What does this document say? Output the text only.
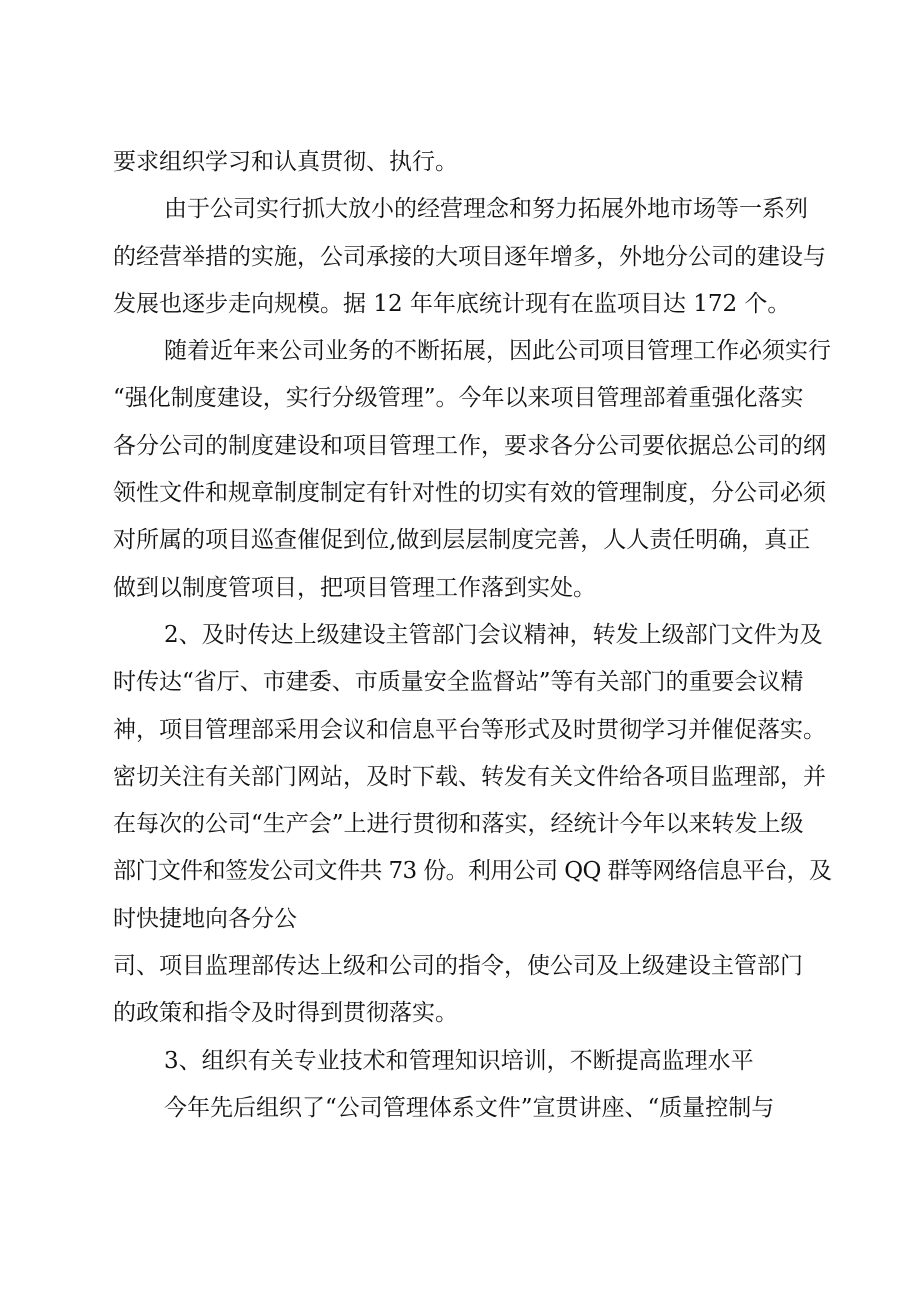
要求组织学习和认真贯彻、执行。
由于公司实行抓大放小的经营理念和努力拓展外地市场等一系列
的经营举措的实施，公司承接的大项目逐年增多，外地分公司的建设与
发展也逐步走向规模。据 12 年年底统计现有在监项目达 172 个。
随着近年来公司业务的不断拓展，因此公司项目管理工作必须实行
“强化制度建设，实行分级管理”。今年以来项目管理部着重强化落实
各分公司的制度建设和项目管理工作，要求各分公司要依据总公司的纲
领性文件和规章制度制定有针对性的切实有效的管理制度，分公司必须
对所属的项目巡查催促到位,做到层层制度完善，人人责任明确，真正
做到以制度管项目，把项目管理工作落到实处。
2、及时传达上级建设主管部门会议精神，转发上级部门文件为及
时传达“省厅、市建委、市质量安全监督站”等有关部门的重要会议精
神，项目管理部采用会议和信息平台等形式及时贯彻学习并催促落实。
密切关注有关部门网站，及时下载、转发有关文件给各项目监理部，并
在每次的公司“生产会”上进行贯彻和落实，经统计今年以来转发上级
部门文件和签发公司文件共 73 份。利用公司 QQ 群等网络信息平台，及
时快捷地向各分公
司、项目监理部传达上级和公司的指令，使公司及上级建设主管部门
的政策和指令及时得到贯彻落实。
3、组织有关专业技术和管理知识培训，不断提高监理水平
今年先后组织了“公司管理体系文件”宣贯讲座、“质量控制与
